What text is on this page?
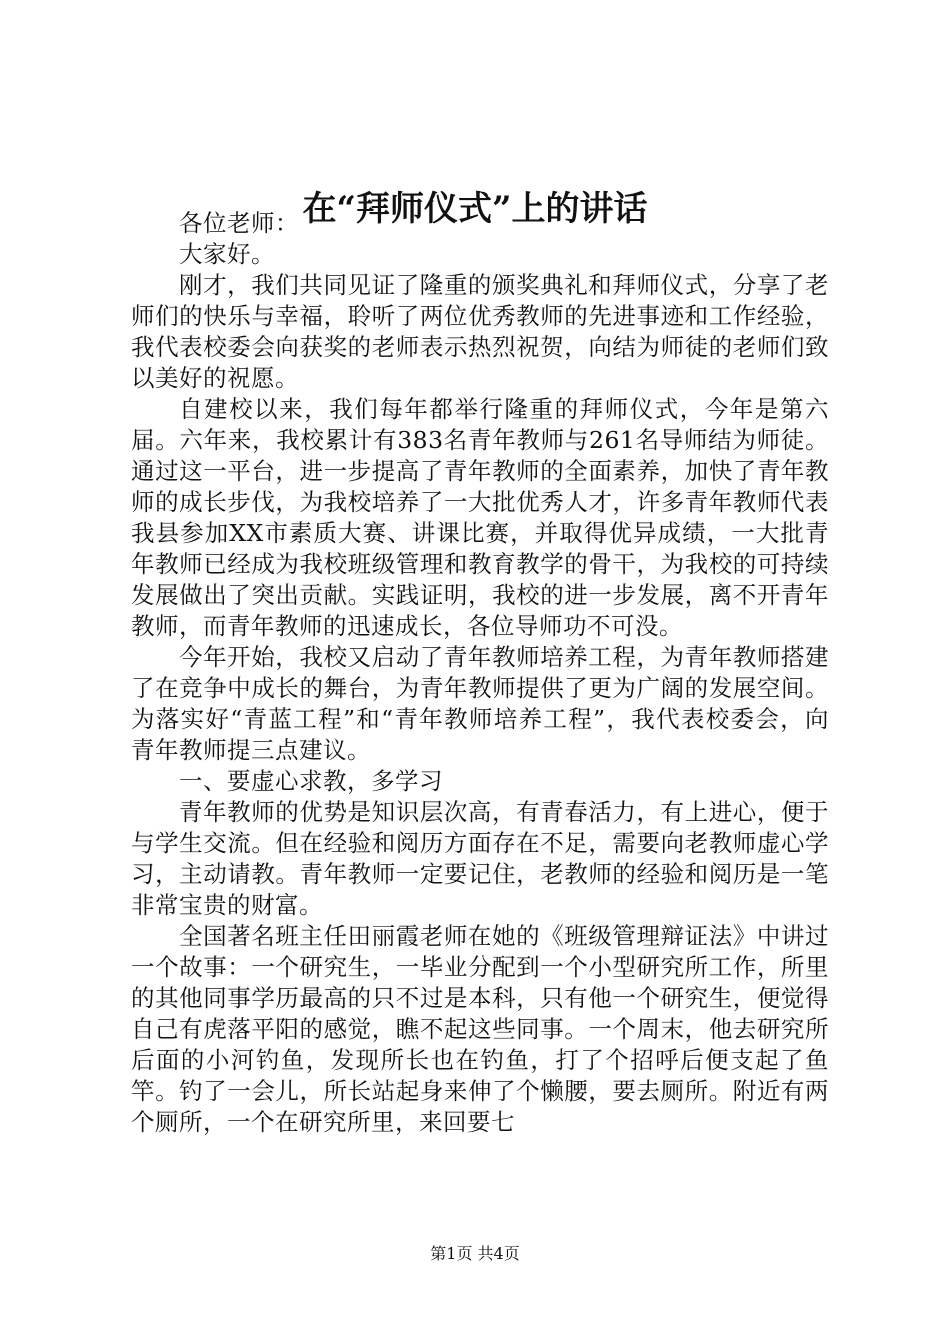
在“拜师仪式”上的讲话

各位老师：

大家好。

刚才，我们共同见证了隆重的颁奖典礼和拜师仪式，分享了老师们的快乐与幸福，聆听了两位优秀教师的先进事迹和工作经验，我代表校委会向获奖的老师表示热烈祝贺，向结为师徒的老师们致以美好的祝愿。

自建校以来，我们每年都举行隆重的拜师仪式，今年是第六届。六年来，我校累计有383名青年教师与261名导师结为师徒。通过这一平台，进一步提高了青年教师的全面素养，加快了青年教师的成长步伐，为我校培养了一大批优秀人才，许多青年教师代表我县参加XX市素质大赛、讲课比赛，并取得优异成绩，一大批青年教师已经成为我校班级管理和教育教学的骨干，为我校的可持续发展做出了突出贡献。实践证明，我校的进一步发展，离不开青年教师，而青年教师的迅速成长，各位导师功不可没。

今年开始，我校又启动了青年教师培养工程，为青年教师搭建了在竞争中成长的舞台，为青年教师提供了更为广阔的发展空间。为落实好“青蓝工程”和“青年教师培养工程”，我代表校委会，向青年教师提三点建议。

一、要虚心求教，多学习

青年教师的优势是知识层次高，有青春活力，有上进心，便于与学生交流。但在经验和阅历方面存在不足，需要向老教师虚心学习，主动请教。青年教师一定要记住，老教师的经验和阅历是一笔非常宝贵的财富。

全国著名班主任田丽霞老师在她的《班级管理辩证法》中讲过一个故事：一个研究生，一毕业分配到一个小型研究所工作，所里的其他同事学历最高的只不过是本科，只有他一个研究生，便觉得自己有虎落平阳的感觉，瞧不起这些同事。一个周末，他去研究所后面的小河钓鱼，发现所长也在钓鱼，打了个招呼后便支起了鱼竿。钓了一会儿，所长站起身来伸了个懒腰，要去厕所。附近有两个厕所，一个在研究所里，来回要七

第1页 共4页
